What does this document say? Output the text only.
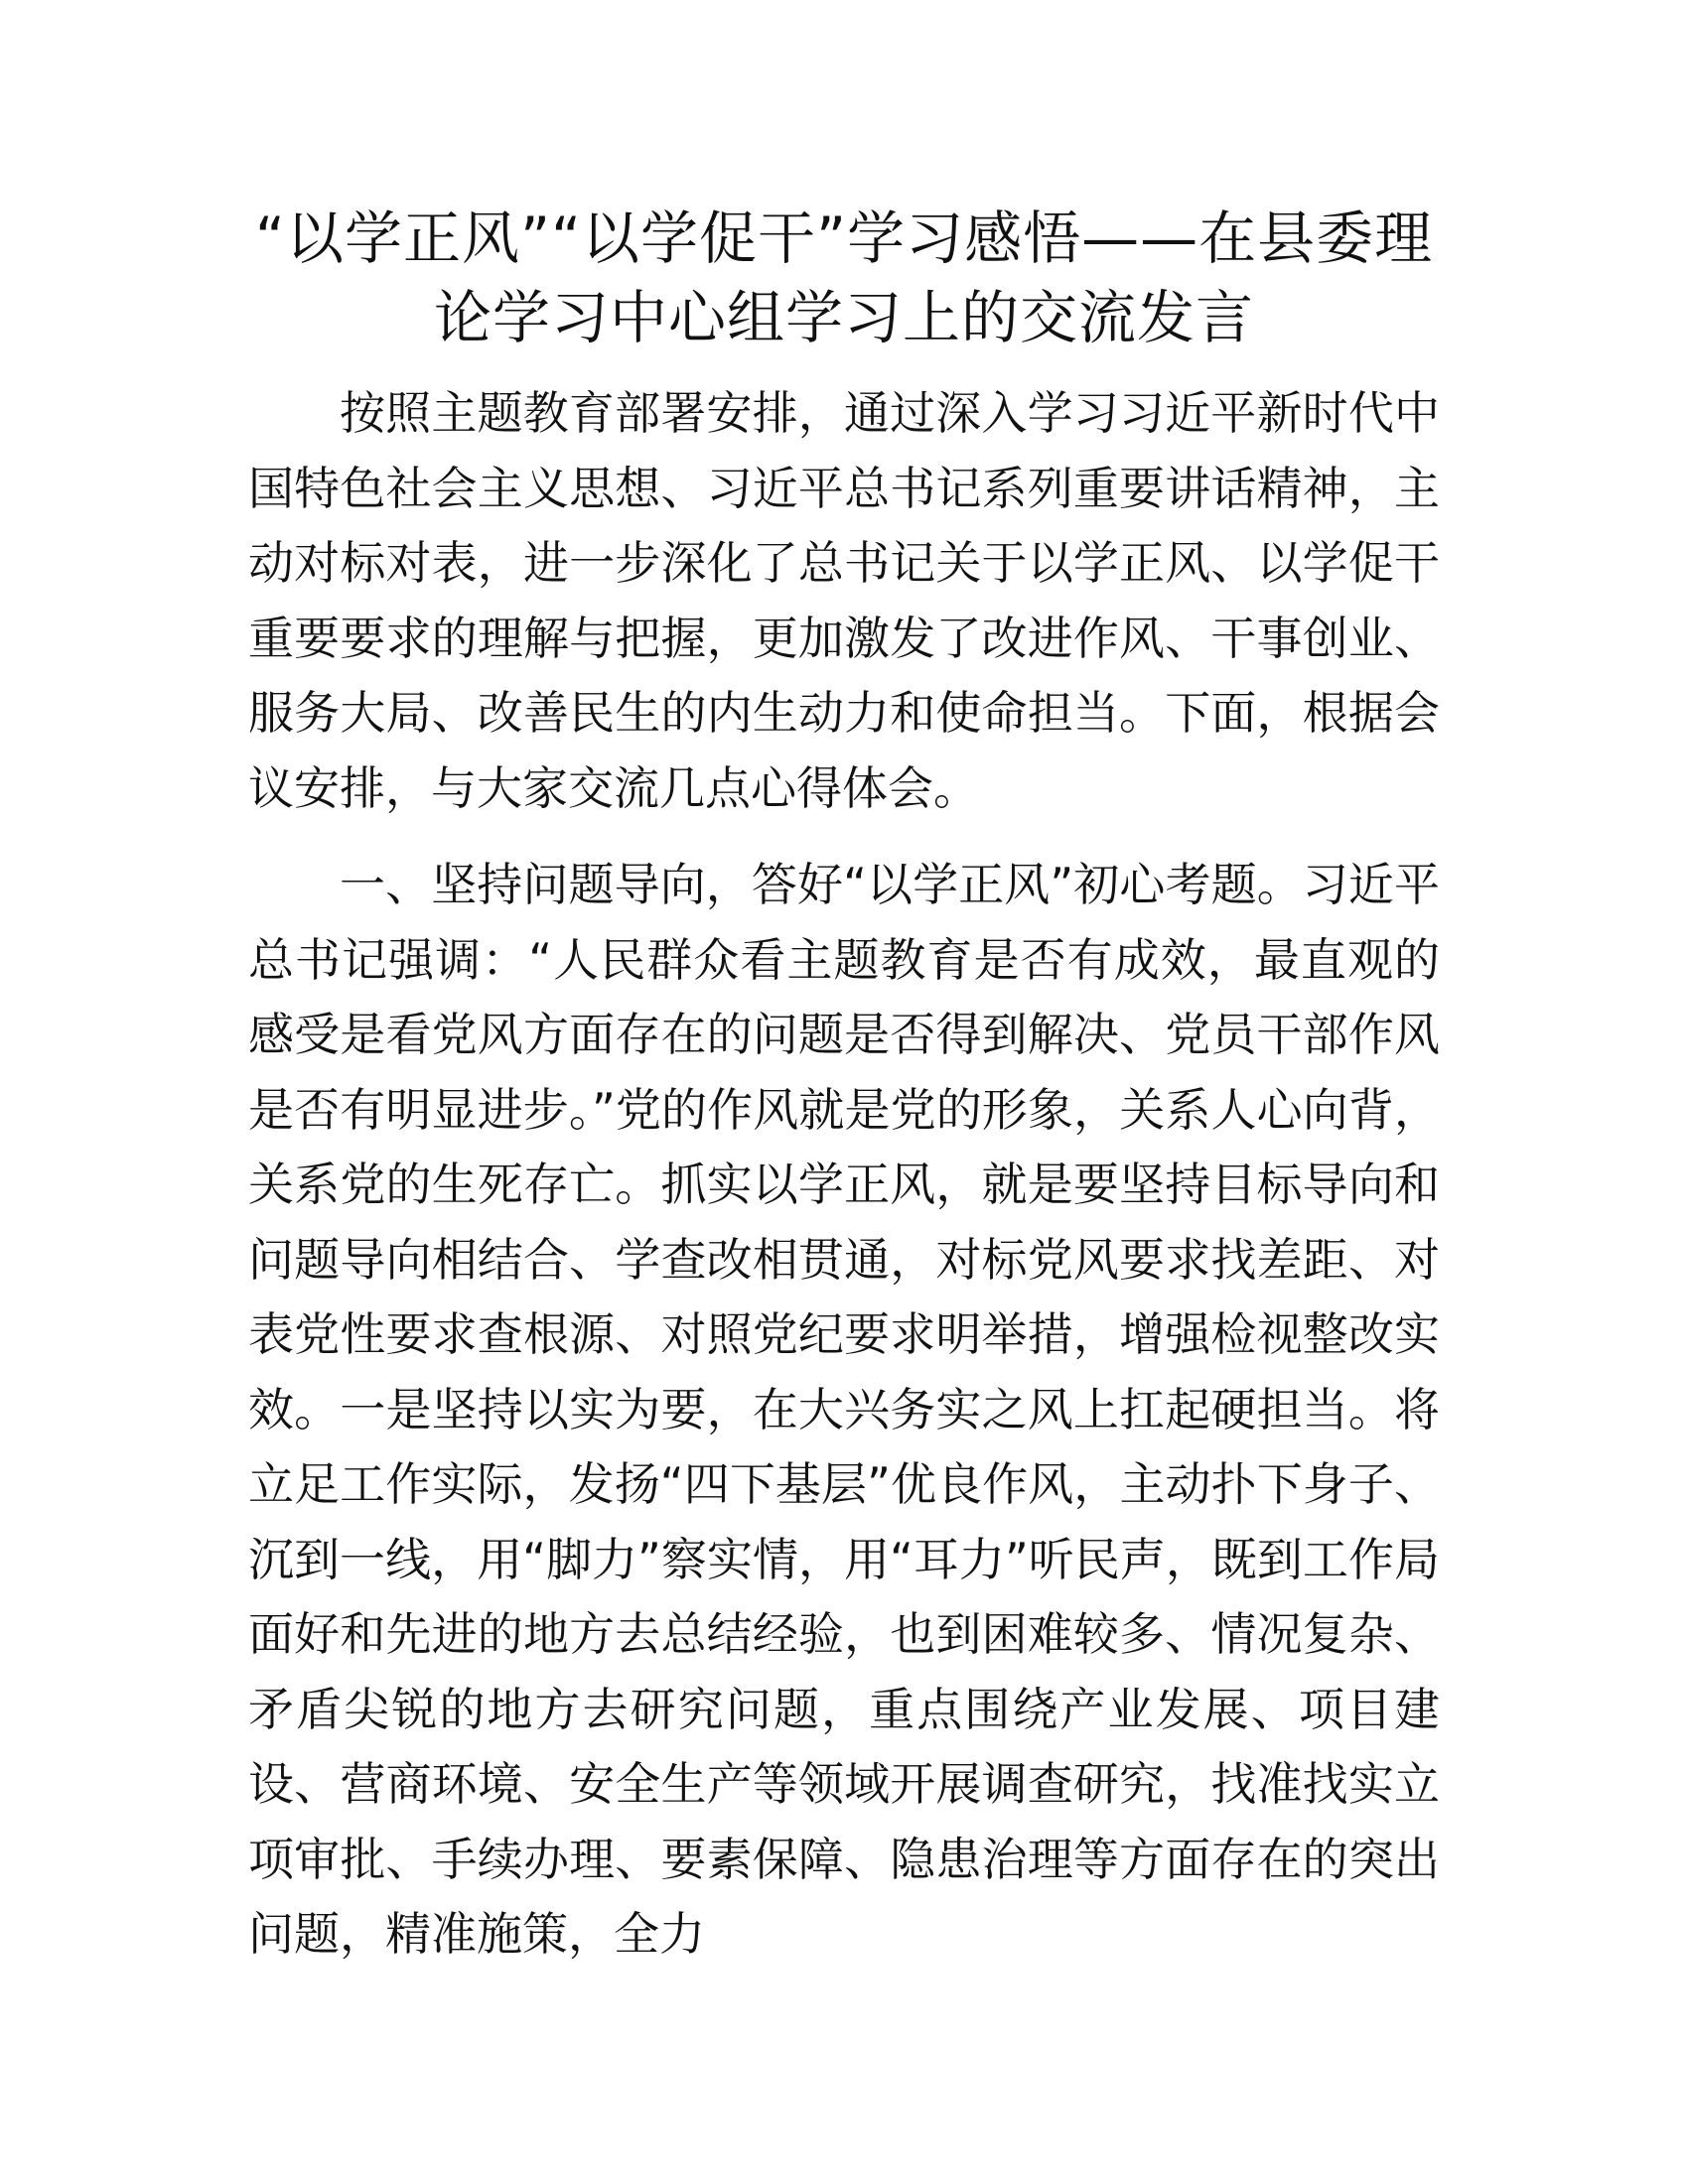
“以学正风”“以学促干”学习感悟——在县委理论学习中心组学习上的交流发言

按照主题教育部署安排，通过深入学习习近平新时代中国特色社会主义思想、习近平总书记系列重要讲话精神，主动对标对表，进一步深化了总书记关于以学正风、以学促干重要要求的理解与把握，更加激发了改进作风、干事创业、服务大局、改善民生的内生动力和使命担当。下面，根据会议安排，与大家交流几点心得体会。

一、坚持问题导向，答好“以学正风”初心考题。习近平总书记强调：“人民群众看主题教育是否有成效，最直观的感受是看党风方面存在的问题是否得到解决、党员干部作风是否有明显进步。”党的作风就是党的形象，关系人心向背，关系党的生死存亡。抓实以学正风，就是要坚持目标导向和问题导向相结合、学查改相贯通，对标党风要求找差距、对表党性要求查根源、对照党纪要求明举措，增强检视整改实效。一是坚持以实为要，在大兴务实之风上扛起硬担当。将立足工作实际，发扬“四下基层”优良作风，主动扑下身子、沉到一线，用“脚力”察实情，用“耳力”听民声，既到工作局面好和先进的地方去总结经验，也到困难较多、情况复杂、矛盾尖锐的地方去研究问题，重点围绕产业发展、项目建设、营商环境、安全生产等领域开展调查研究，找准找实立项审批、手续办理、要素保障、隐患治理等方面存在的突出问题，精准施策，全力
